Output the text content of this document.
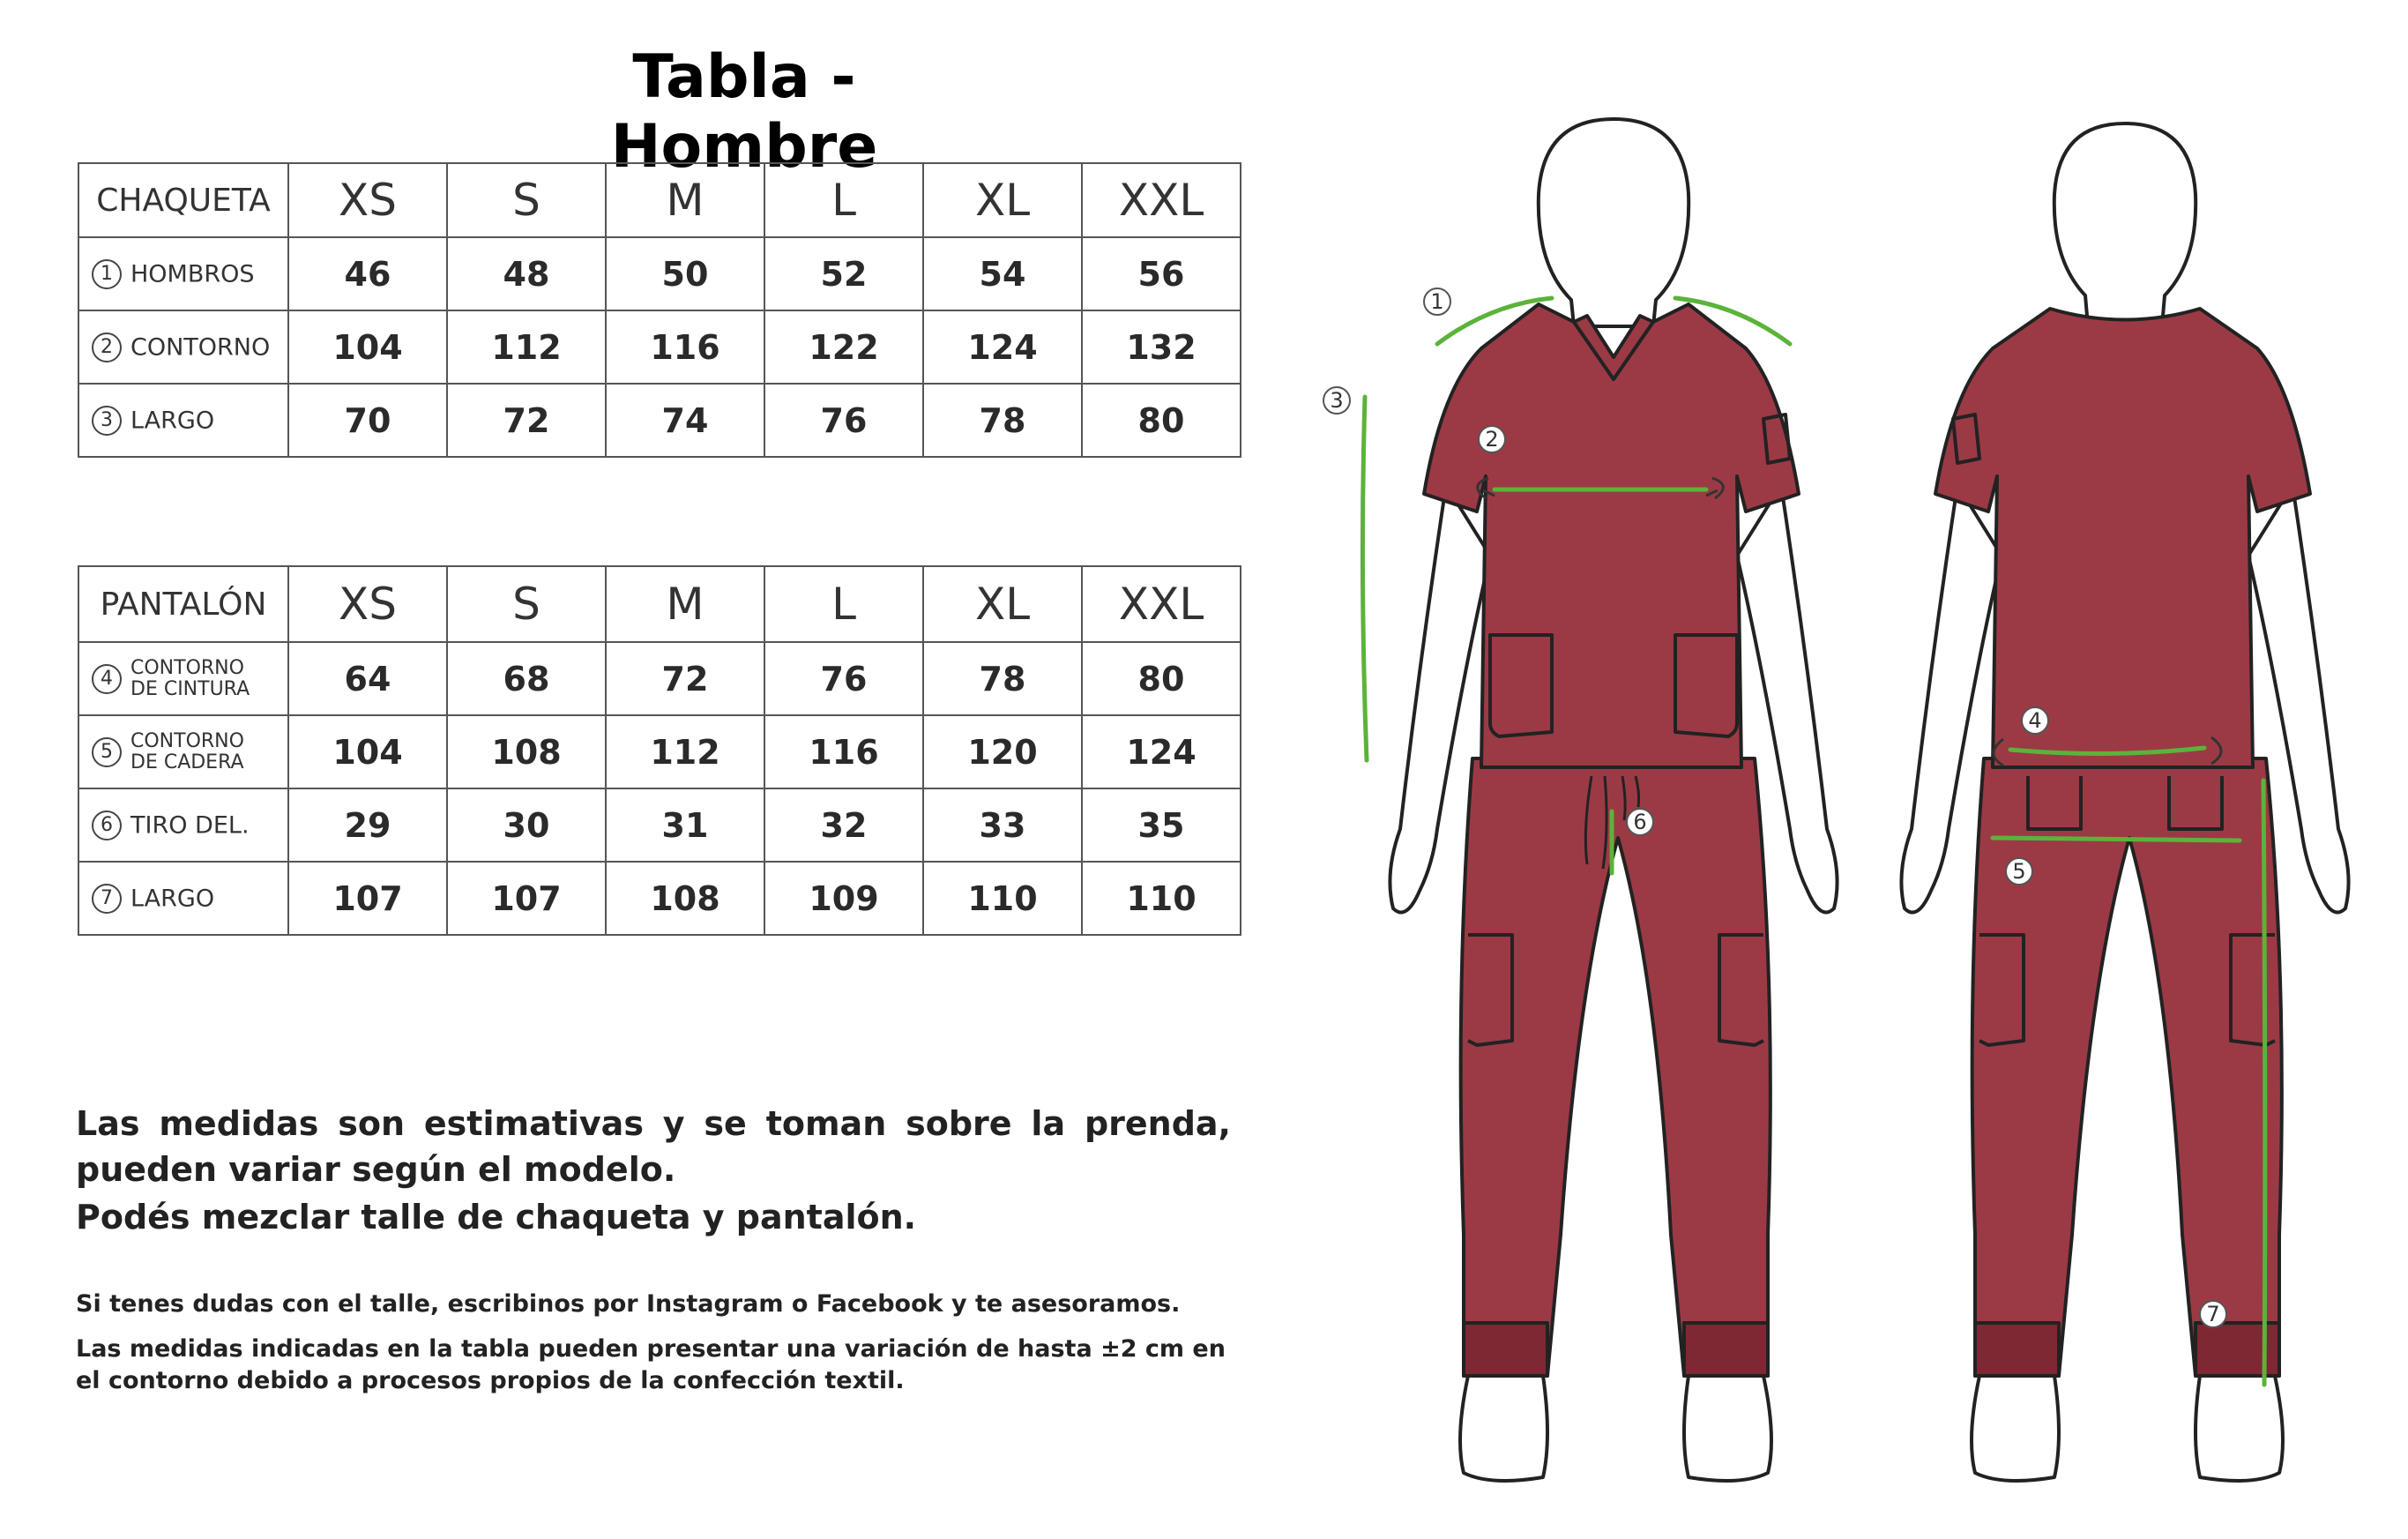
Tabla - Hombre
CHAQUETA	XS	S	M	L	XL	XXL
1 HOMBROS	46	48	50	52	54	56
2 CONTORNO	104	112	116	122	124	132
3 LARGO	70	72	74	76	78	80
PANTALÓN	XS	S	M	L	XL	XXL
4 CONTORNO
DE CINTURA	64	68	72	76	78	80
5 CONTORNO
DE CADERA	104	108	112	116	120	124
6 TIRO DEL.	29	30	31	32	33	35
7 LARGO	107	107	108	109	110	110
Las medidas son estimativas y se toman sobre la prenda, pueden variar según el modelo.
Podés mezclar talle de chaqueta y pantalón.
Si tenes dudas con el talle, escribinos por Instagram o Facebook y te asesoramos.
Las medidas indicadas en la tabla pueden presentar una variación de hasta ±2 cm en el contorno debido a procesos propios de la confección textil.
1
2
3
4
5
6
7
